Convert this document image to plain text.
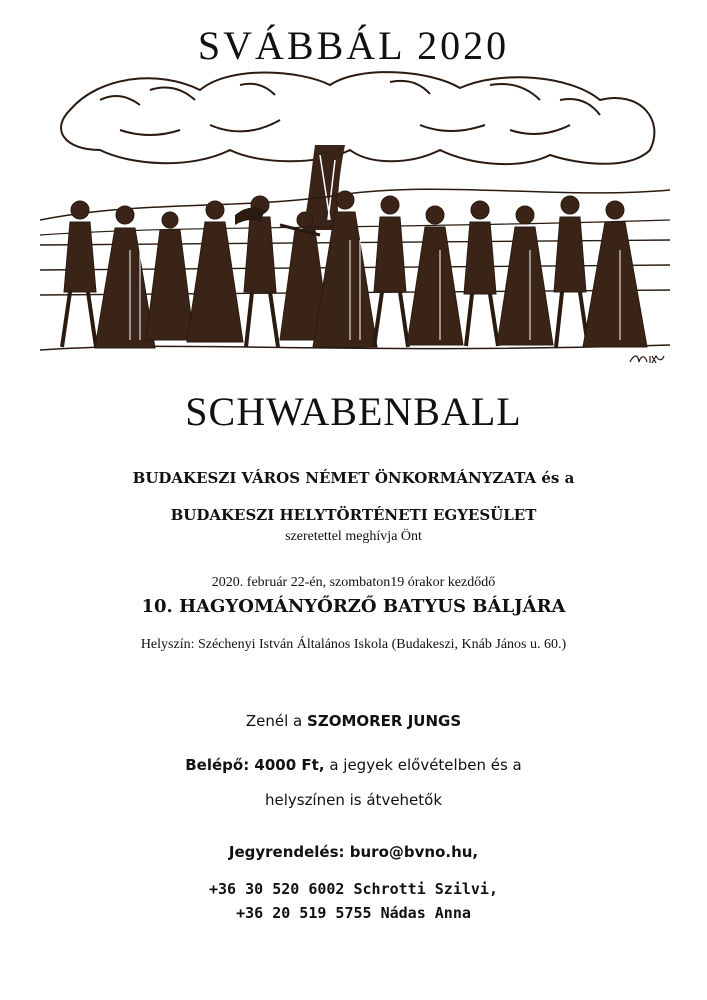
SVÁBBÁL 2020
SCHWABENBALL
BUDAKESZI VÁROS NÉMET ÖNKORMÁNYZATA és a
BUDAKESZI HELYTÖRTÉNETI EGYESÜLET
szeretettel meghívja Önt
2020. február 22-én, szombaton19 órakor kezdődő
10. HAGYOMÁNYŐRZŐ BATYUS BÁLJÁRA
Helyszín: Széchenyi István Általános Iskola (Budakeszi, Knáb János u. 60.)
Zenél a SZOMORER JUNGS
Belépő: 4000 Ft, a jegyek elővételben és a
helyszínen is átvehetők
Jegyrendelés: buro@bvno.hu,
+36 30 520 6002 Schrotti Szilvi,
+36 20 519 5755 Nádas Anna
